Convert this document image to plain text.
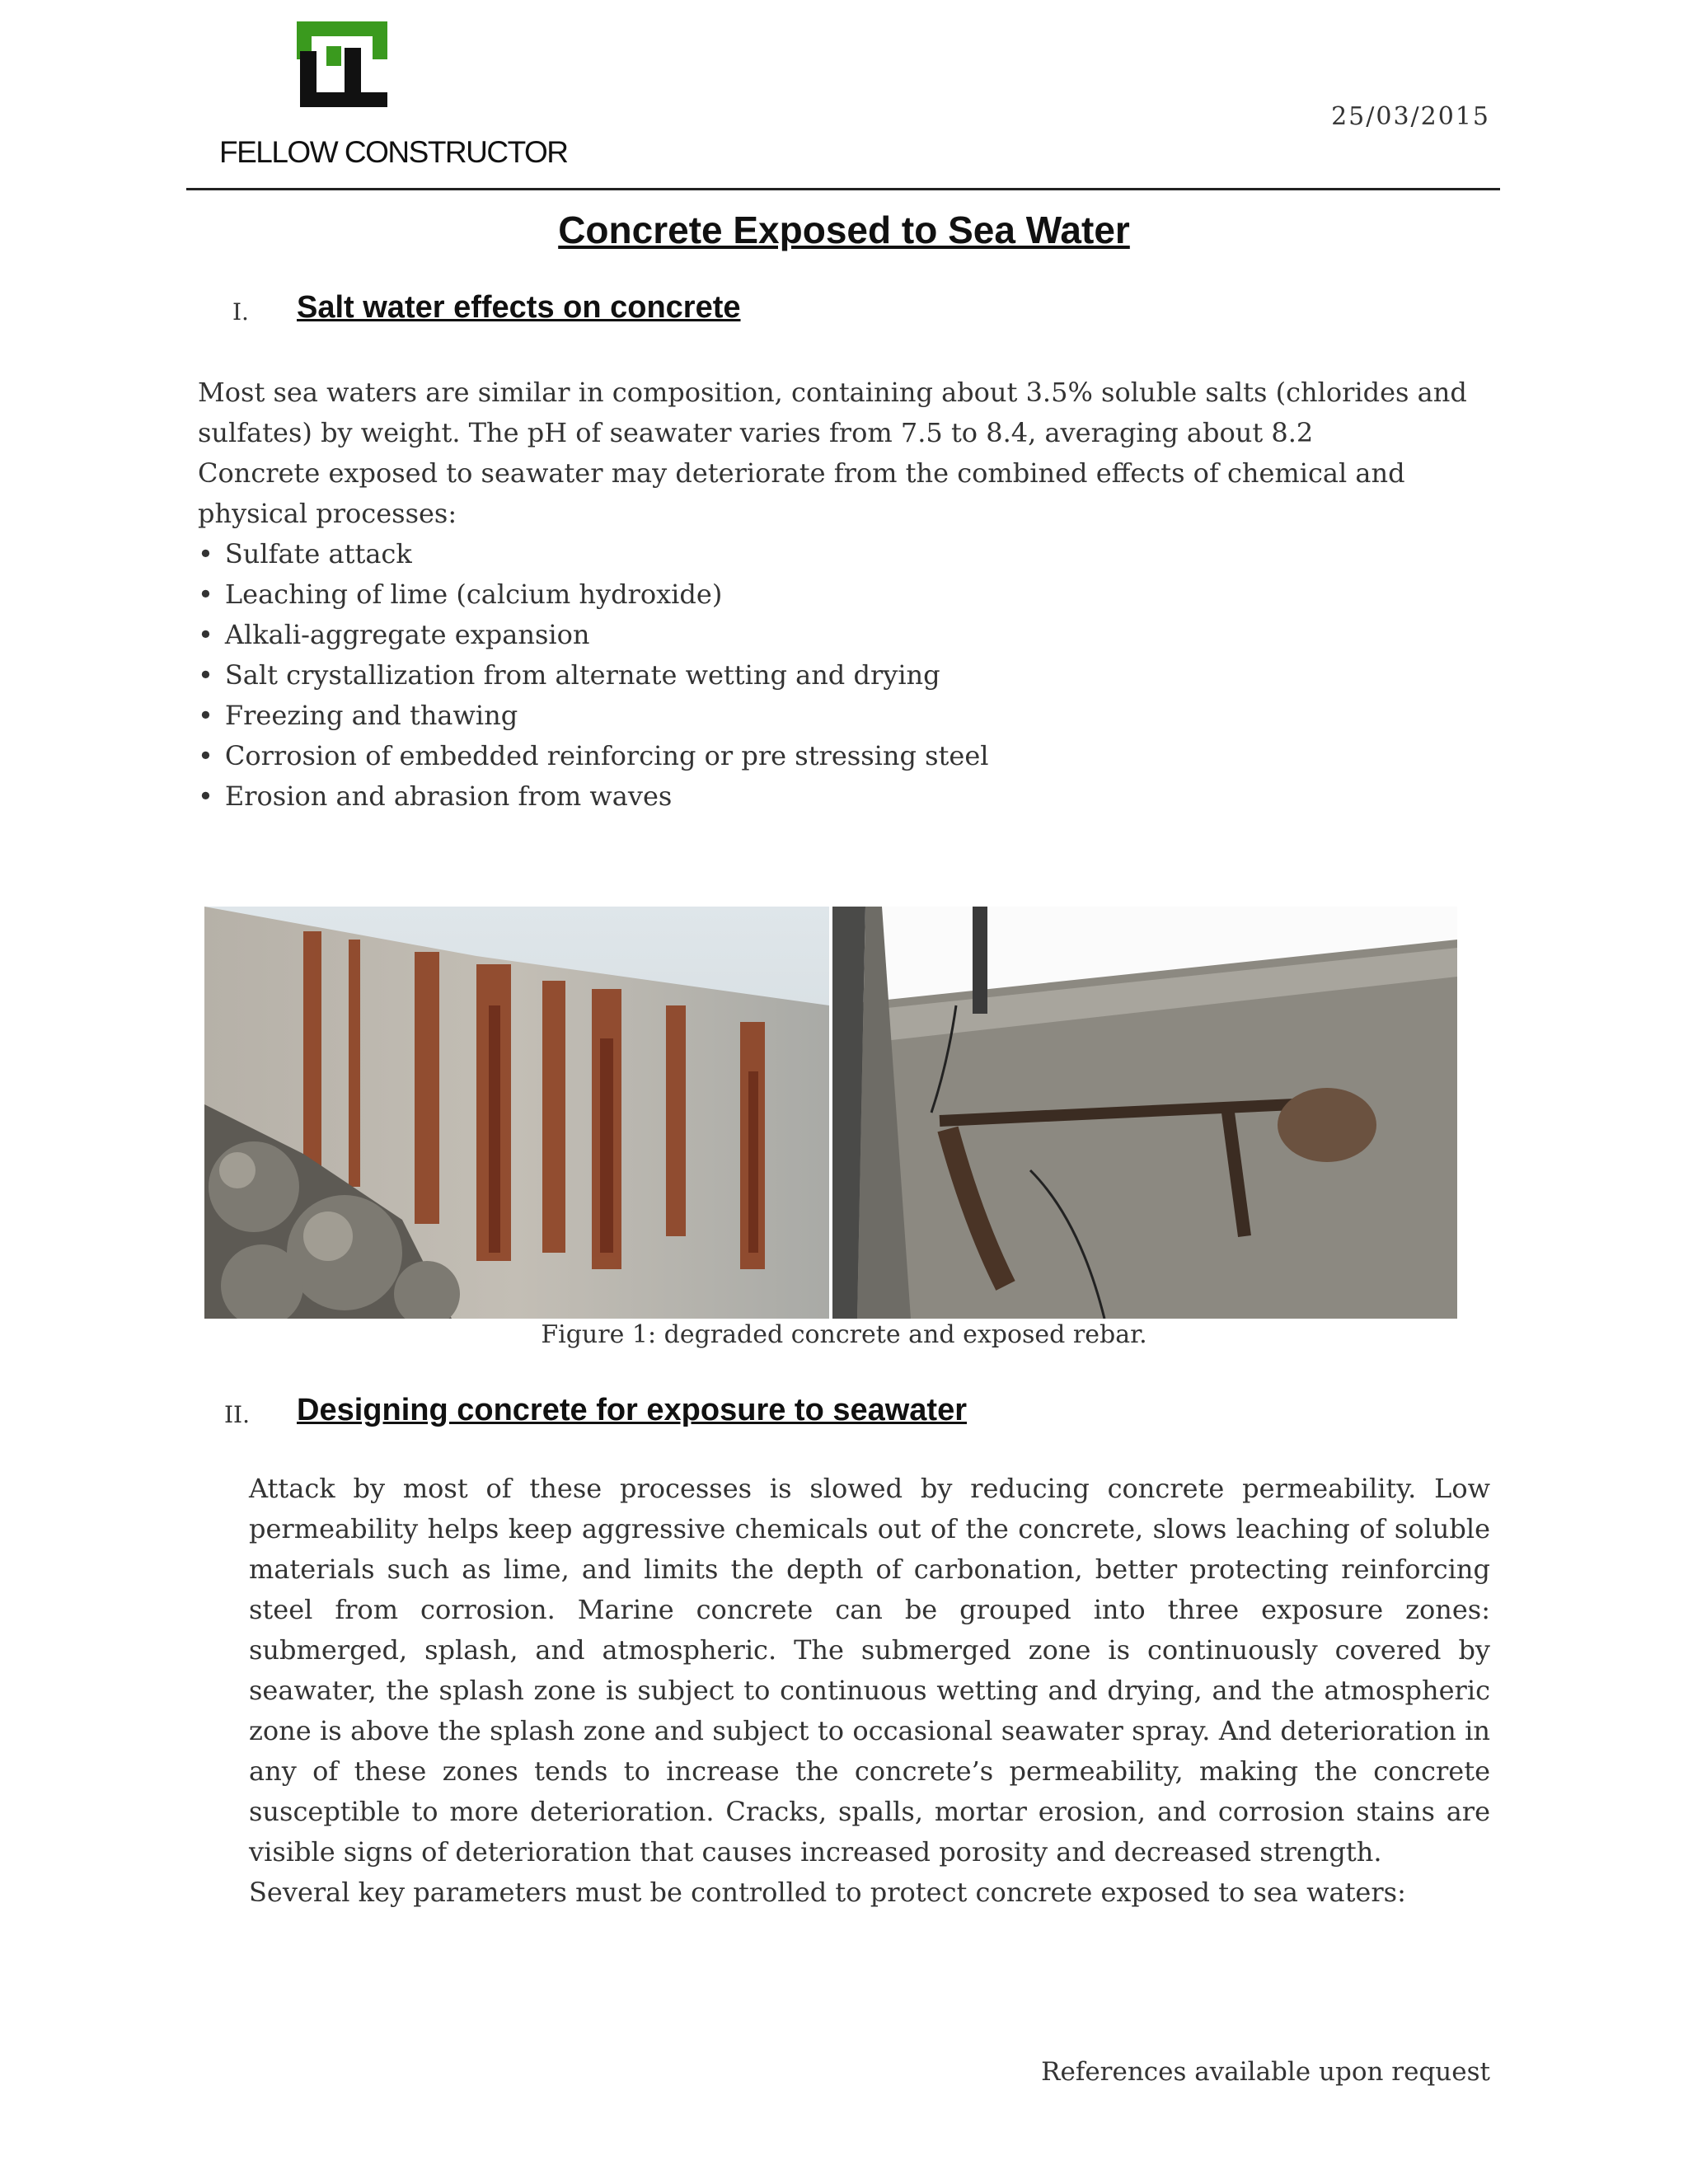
FELLOW CONSTRUCTOR
25/03/2015
Concrete Exposed to Sea Water
I. Salt water effects on concrete

Most sea waters are similar in composition, containing about 3.5% soluble salts (chlorides and

sulfates) by weight. The pH of seawater varies from 7.5 to 8.4, averaging about 8.2

Concrete exposed to seawater may deteriorate from the combined effects of chemical and

physical processes:

• Sulfate attack
• Leaching of lime (calcium hydroxide)
• Alkali-aggregate expansion
• Salt crystallization from alternate wetting and drying
• Freezing and thawing
• Corrosion of embedded reinforcing or pre stressing steel
• Erosion and abrasion from waves
Figure 1: degraded concrete and exposed rebar.
II. Designing concrete for exposure to seawater

Attack by most of these processes is slowed by reducing concrete permeability. Low permeability helps keep aggressive chemicals out of the concrete, slows leaching of soluble materials such as lime, and limits the depth of carbonation, better protecting reinforcing steel from corrosion. Marine concrete can be grouped into three exposure zones: submerged, splash, and atmospheric. The submerged zone is continuously covered by seawater, the splash zone is subject to continuous wetting and drying, and the atmospheric zone is above the splash zone and subject to occasional seawater spray. And deterioration in any of these zones tends to increase the concrete’s permeability, making the concrete susceptible to more deterioration. Cracks, spalls, mortar erosion, and corrosion stains are visible signs of deterioration that causes increased porosity and decreased strength.

Several key parameters must be controlled to protect concrete exposed to sea waters:

References available upon request
